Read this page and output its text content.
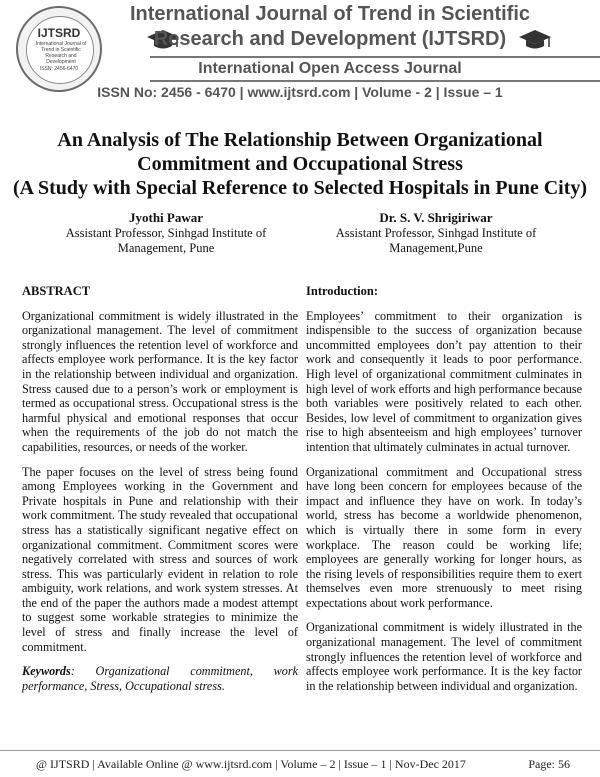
IJTSRD
International Journal of Trend in Scientific Research and Development
ISSN: 2456-6470
International Journal of Trend in Scientific
Research and Development (IJTSRD)
International Open Access Journal
ISSN No: 2456 - 6470 | www.ijtsrd.com | Volume - 2 | Issue – 1
An Analysis of The Relationship Between Organizational
Commitment and Occupational Stress
(A Study with Special Reference to Selected Hospitals in Pune City)
Jyothi Pawar
Assistant Professor, Sinhgad Institute of
Management, Pune
Dr. S. V. Shrigiriwar
Assistant Professor, Sinhgad Institute of
Management,Pune

ABSTRACT

Organizational commitment is widely illustrated in the organizational management. The level of commitment strongly influences the retention level of workforce and affects employee work performance. It is the key factor in the relationship between individual and organization. Stress caused due to a person’s work or employment is termed as occupational stress. Occupational stress is the harmful physical and emotional responses that occur when the requirements of the job do not match the capabilities, resources, or needs of the worker.

The paper focuses on the level of stress being found among Employees working in the Government and Private hospitals in Pune and relationship with their work commitment. The study revealed that occupational stress has a statistically significant negative effect on organizational commitment. Commitment scores were negatively correlated with stress and sources of work stress. This was particularly evident in relation to role ambiguity, work relations, and work system stresses. At the end of the paper the authors made a modest attempt to suggest some workable strategies to minimize the level of stress and finally increase the level of commitment.

Keywords: Organizational commitment, work performance, Stress, Occupational stress.

Introduction:

Employees’ commitment to their organization is indispensible to the success of organization because uncommitted employees don’t pay attention to their work and consequently it leads to poor performance. High level of organizational commitment culminates in high level of work efforts and high performance because both variables were positively related to each other. Besides, low level of commitment to organization gives rise to high absenteeism and high employees’ turnover intention that ultimately culminates in actual turnover.

Organizational commitment and Occupational stress have long been concern for employees because of the impact and influence they have on work. In today’s world, stress has become a worldwide phenomenon, which is virtually there in some form in every workplace. The reason could be working life; employees are generally working for longer hours, as the rising levels of responsibilities require them to exert themselves even more strenuously to meet rising expectations about work performance.

Organizational commitment is widely illustrated in the organizational management. The level of commitment strongly influences the retention level of workforce and affects employee work performance. It is the key factor in the relationship between individual and organization.

@ IJTSRD | Available Online @ www.ijtsrd.com | Volume – 2 | Issue – 1 | Nov-Dec 2017	Page: 56
